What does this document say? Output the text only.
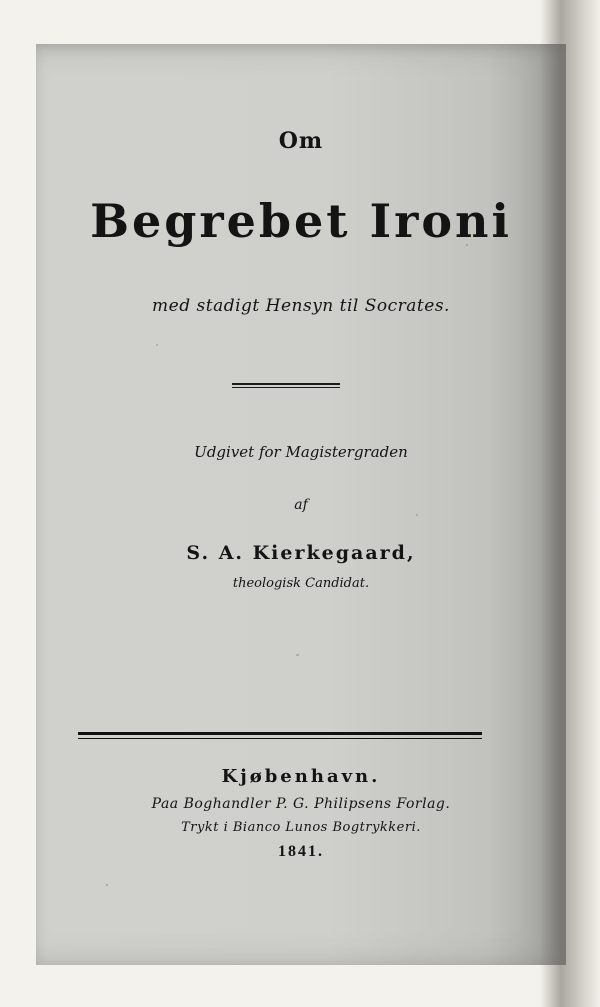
Om
Begrebet Ironi
med stadigt Hensyn til Socrates.
Udgivet for Magistergraden
af
S. A. Kierkegaard,
theologisk Candidat.
Kjøbenhavn.
Paa Boghandler P. G. Philipsens Forlag.
Trykt i Bianco Lunos Bogtrykkeri.
1841.
